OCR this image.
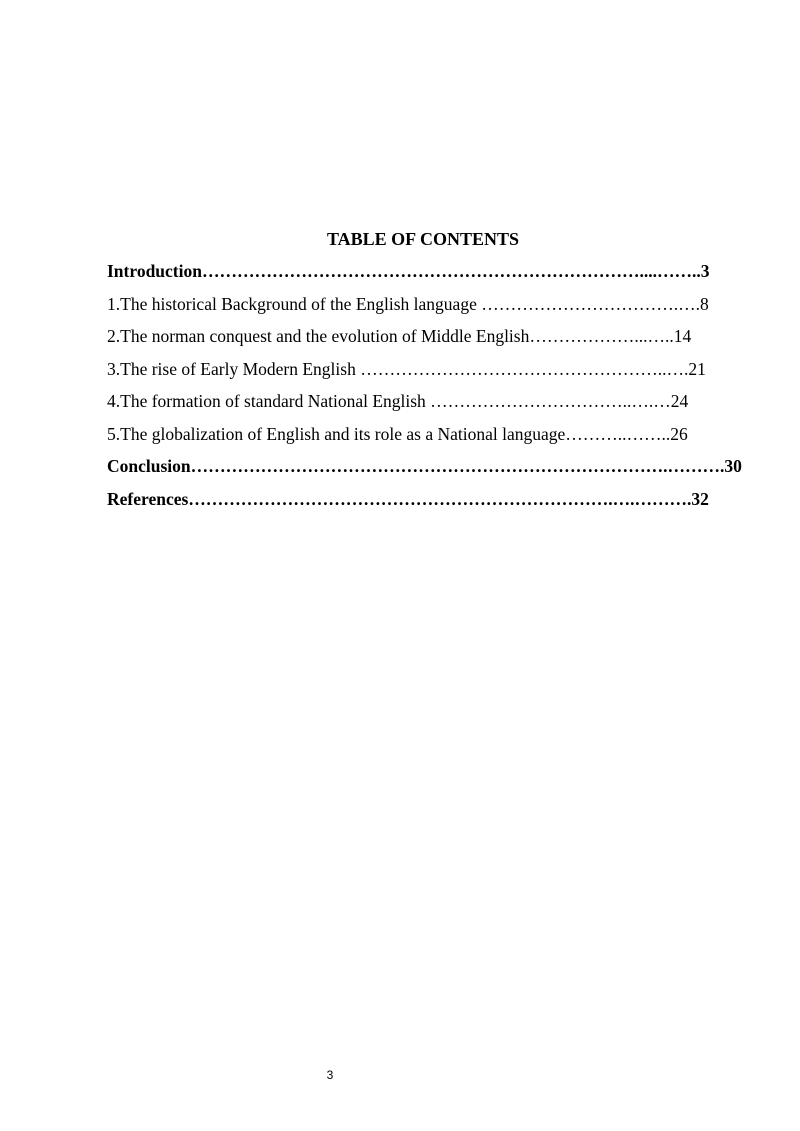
TABLE OF CONTENTS
Introduction…………………………………………………………………....……..3
1.The historical Background of the English language …………………………….….8
2.The norman conquest and the evolution of Middle English………………...…..14
3.The rise of Early Modern English ……………………………………………..….21
4.The formation of standard National English ……………………………..….…24
5.The globalization of English and its role as a National language………..……..26
Conclusion……………………………………………………………………….……….30
References……………………………………………………………….….……….32
3
